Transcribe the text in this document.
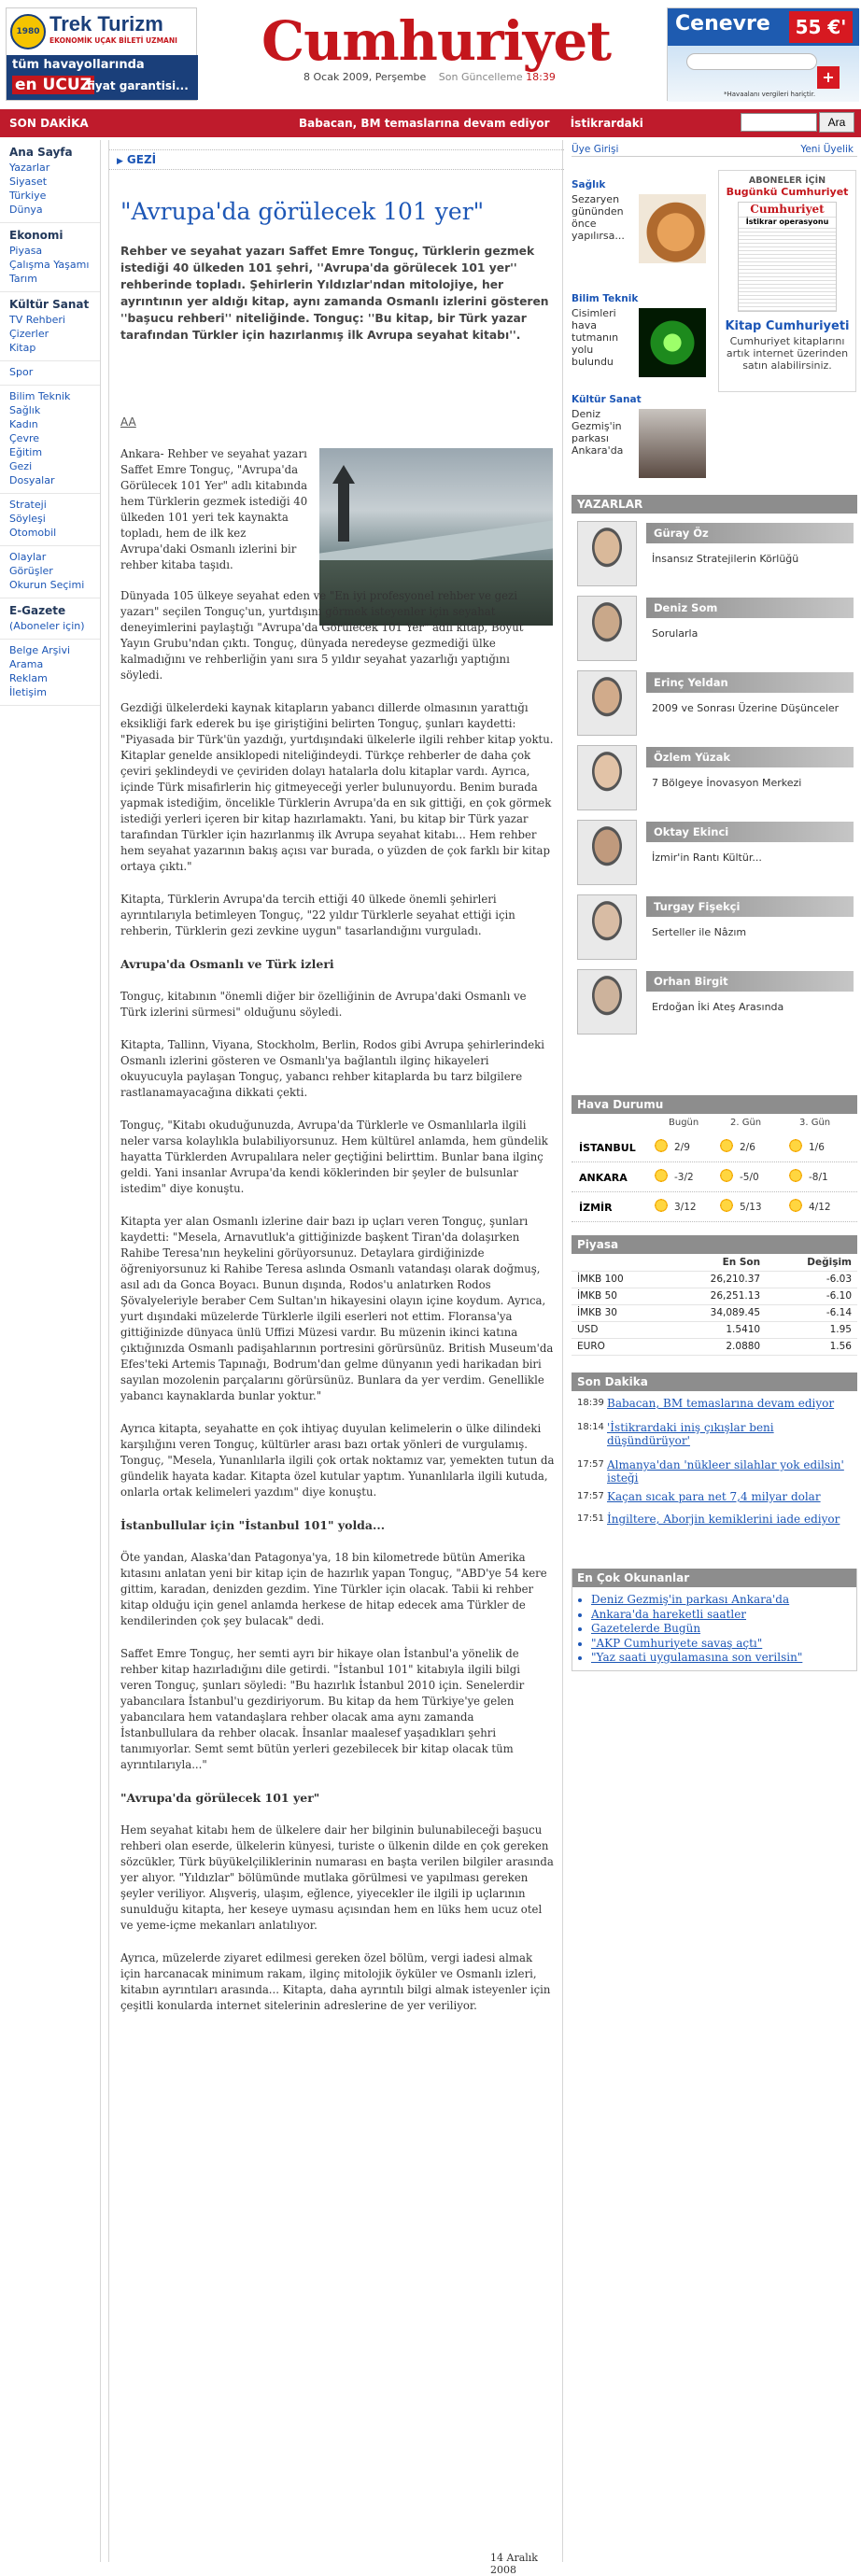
1980 Trek Turizm
EKONOMİK UÇAK BİLETİ UZMANI
tüm havayollarında
en UCUZ
fiyat garantisi...
Cumhuriyet
8 Ocak 2009, Perşembe Son Güncelleme 18:39
Cenevre	55 €'
+
*Havaalanı vergileri hariçtir.
SON DAKİKA	Babacan, BM temaslarına devam ediyor İstikrardaki	Ara
Ana Sayfa
Yazarlar
Siyaset
Türkiye
Dünya
Ekonomi
Piyasa
Çalışma Yaşamı
Tarım
Kültür Sanat
TV Rehberi
Çizerler
Kitap
Spor
Bilim Teknik
Sağlık
Kadın
Çevre
Eğitim
Gezi
Dosyalar
Strateji
Söyleşi
Otomobil
Olaylar Görüşler
Okurun Seçimi
E-Gazete
(Aboneler için)
Belge Arşivi
Arama
Reklam
İletişim
▶ GEZİ
"Avrupa'da görülecek 101 yer"
Rehber ve seyahat yazarı Saffet Emre Tonguç, Türklerin gezmek istediği 40 ülkeden 101 şehri, ''Avrupa'da görülecek 101 yer'' rehberinde topladı. Şehirlerin Yıldızlar'ndan mitolojiye, her ayrıntının yer aldığı kitap, aynı zamanda Osmanlı izlerini gösteren ''başucu rehberi'' niteliğinde. Tonguç: ''Bu kitap, bir Türk yazar tarafından Türkler için hazırlanmış ilk Avrupa seyahat kitabı''.
AA

Ankara- Rehber ve seyahat yazarı Saffet Emre Tonguç, "Avrupa'da Görülecek 101 Yer" adlı kitabında hem Türklerin gezmek istediği 40 ülkeden 101 yeri tek kaynakta topladı, hem de ilk kez Avrupa'daki Osmanlı izlerini bir rehber kitaba taşıdı.

Dünyada 105 ülkeye seyahat eden ve "En iyi profesyonel rehber ve gezi yazarı" seçilen Tonguç'un, yurtdışını görmek isteyenler için seyahat deneyimlerini paylaştığı "Avrupa'da Görülecek 101 Yer" adlı kitap, Boyut Yayın Grubu'ndan çıktı. Tonguç, dünyada neredeyse gezmediği ülke kalmadığını ve rehberliğin yanı sıra 5 yıldır seyahat yazarlığı yaptığını söyledi.

Gezdiği ülkelerdeki kaynak kitapların yabancı dillerde olmasının yarattığı eksikliği fark ederek bu işe giriştiğini belirten Tonguç, şunları kaydetti: "Piyasada bir Türk'ün yazdığı, yurtdışındaki ülkelerle ilgili rehber kitap yoktu. Kitaplar genelde ansiklopedi niteliğindeydi. Türkçe rehberler de daha çok çeviri şeklindeydi ve çeviriden dolayı hatalarla dolu kitaplar vardı. Ayrıca, içinde Türk misafirlerin hiç gitmeyeceği yerler bulunuyordu. Benim burada yapmak istediğim, öncelikle Türklerin Avrupa'da en sık gittiği, en çok görmek istediği yerleri içeren bir kitap hazırlamaktı. Yani, bu kitap bir Türk yazar tarafından Türkler için hazırlanmış ilk Avrupa seyahat kitabı... Hem rehber hem seyahat yazarının bakış açısı var burada, o yüzden de çok farklı bir kitap ortaya çıktı."

Kitapta, Türklerin Avrupa'da tercih ettiği 40 ülkede önemli şehirleri ayrıntılarıyla betimleyen Tonguç, "22 yıldır Türklerle seyahat ettiği için rehberin, Türklerin gezi zevkine uygun" tasarlandığını vurguladı.

Avrupa'da Osmanlı ve Türk izleri

Tonguç, kitabının "önemli diğer bir özelliğinin de Avrupa'daki Osmanlı ve Türk izlerini sürmesi" olduğunu söyledi.

Kitapta, Tallinn, Viyana, Stockholm, Berlin, Rodos gibi Avrupa şehirlerindeki Osmanlı izlerini gösteren ve Osmanlı'ya bağlantılı ilginç hikayeleri okuyucuyla paylaşan Tonguç, yabancı rehber kitaplarda bu tarz bilgilere rastlanamayacağına dikkati çekti.

Tonguç, "Kitabı okuduğunuzda, Avrupa'da Türklerle ve Osmanlılarla ilgili neler varsa kolaylıkla bulabiliyorsunuz. Hem kültürel anlamda, hem gündelik hayatta Türklerden Avrupalılara neler geçtiğini belirttim. Bunlar bana ilginç geldi. Yani insanlar Avrupa'da kendi köklerinden bir şeyler de bulsunlar istedim" diye konuştu.

Kitapta yer alan Osmanlı izlerine dair bazı ip uçları veren Tonguç, şunları kaydetti: "Mesela, Arnavutluk'a gittiğinizde başkent Tiran'da dolaşırken Rahibe Teresa'nın heykelini görüyorsunuz. Detaylara girdiğinizde öğreniyorsunuz ki Rahibe Teresa aslında Osmanlı vatandaşı olarak doğmuş, asıl adı da Gonca Boyacı. Bunun dışında, Rodos'u anlatırken Rodos Şövalyeleriyle beraber Cem Sultan'ın hikayesini olayın içine koydum. Ayrıca, yurt dışındaki müzelerde Türklerle ilgili eserleri not ettim. Floransa'ya gittiğinizde dünyaca ünlü Uffizi Müzesi vardır. Bu müzenin ikinci katına çıktığınızda Osmanlı padişahlarının portresini görürsünüz. British Museum'da Efes'teki Artemis Tapınağı, Bodrum'dan gelme dünyanın yedi harikadan biri sayılan mozolenin parçalarını görürsünüz. Bunlara da yer verdim. Genellikle yabancı kaynaklarda bunlar yoktur."

Ayrıca kitapta, seyahatte en çok ihtiyaç duyulan kelimelerin o ülke dilindeki karşılığını veren Tonguç, kültürler arası bazı ortak yönleri de vurgulamış. Tonguç, "Mesela, Yunanlılarla ilgili çok ortak noktamız var, yemekten tutun da gündelik hayata kadar. Kitapta özel kutular yaptım. Yunanlılarla ilgili kutuda, onlarla ortak kelimeleri yazdım" diye konuştu.

İstanbullular için "İstanbul 101" yolda...

Öte yandan, Alaska'dan Patagonya'ya, 18 bin kilometrede bütün Amerika kıtasını anlatan yeni bir kitap için de hazırlık yapan Tonguç, "ABD'ye 54 kere gittim, karadan, denizden gezdim. Yine Türkler için olacak. Tabii ki rehber kitap olduğu için genel anlamda herkese de hitap edecek ama Türkler de kendilerinden çok şey bulacak" dedi.

Saffet Emre Tonguç, her semti ayrı bir hikaye olan İstanbul'a yönelik de rehber kitap hazırladığını dile getirdi. "İstanbul 101" kitabıyla ilgili bilgi veren Tonguç, şunları söyledi: "Bu hazırlık İstanbul 2010 için. Senelerdir yabancılara İstanbul'u gezdiriyorum. Bu kitap da hem Türkiye'ye gelen yabancılara hem vatandaşlara rehber olacak ama aynı zamanda İstanbullulara da rehber olacak. İnsanlar maalesef yaşadıkları şehri tanımıyorlar. Semt semt bütün yerleri gezebilecek bir kitap olacak tüm ayrıntılarıyla..."

"Avrupa'da görülecek 101 yer"

Hem seyahat kitabı hem de ülkelere dair her bilginin bulunabileceği başucu rehberi olan eserde, ülkelerin künyesi, turiste o ülkenin dilde en çok gereken sözcükler, Türk büyükelçiliklerinin numarası en başta verilen bilgiler arasında yer alıyor. "Yıldızlar" bölümünde mutlaka görülmesi ve yapılması gereken şeyler veriliyor. Alışveriş, ulaşım, eğlence, yiyecekler ile ilgili ip uçlarının sunulduğu kitapta, her keseye uymasu açısından hem en lüks hem ucuz otel ve yeme-içme mekanları anlatılıyor.

Ayrıca, müzelerde ziyaret edilmesi gereken özel bölüm, vergi iadesi almak için harcanacak minimum rakam, ilginç mitolojik öyküler ve Osmanlı izleri, kitabın ayrıntıları arasında... Kitapta, daha ayrıntılı bilgi almak isteyenler için çeşitli konularda internet sitelerinin adreslerine de yer veriliyor.

14 Aralık 2008
Üye Girişi	Yeni Üyelik
Sağlık
Sezaryen gününden önce yapılırsa...
Bilim Teknik
Cisimleri hava tutmanın yolu bulundu
Kültür Sanat
Deniz Gezmiş'in parkası Ankara'da
ABONELER İÇİN
Bugünkü Cumhuriyet
Cumhuriyet
İstikrar operasyonu
Kitap Cumhuriyeti
Cumhuriyet kitaplarını artık internet üzerinden satın alabilirsiniz.
YAZARLAR
Güray Öz
İnsansız Stratejilerin Körlüğü
Deniz Som
Sorularla
Erinç Yeldan
2009 ve Sonrası Üzerine Düşünceler
Özlem Yüzak
7 Bölgeye İnovasyon Merkezi
Oktay Ekinci
İzmir'in Rantı Kültür...
Turgay Fişekçi
Serteller ile Nâzım
Orhan Birgit
Erdoğan İki Ateş Arasında
Hava Durumu
Bugün	2. Gün	3. Gün
İSTANBUL	2/9	2/6	1/6
ANKARA	-3/2	-5/0	-8/1
İZMİR	3/12	5/13	4/12
Piyasa
	En Son	Değişim
İMKB 100	26,210.37	-6.03
İMKB 50	26,251.13	-6.10
İMKB 30	34,089.45	-6.14
USD	1.5410	1.95
EURO	2.0880	1.56
Son Dakika
18:39 Babacan, BM temaslarına devam ediyor
18:14 'İstikrardaki iniş çıkışlar beni düşündürüyor'
17:57 Almanya'dan 'nükleer silahlar yok edilsin' isteği
17:57 Kaçan sıcak para net 7,4 milyar dolar
17:51 İngiltere, Aborjin kemiklerini iade ediyor
En Çok Okunanlar
• Deniz Gezmiş'in parkası Ankara'da
• Ankara'da hareketli saatler
• Gazetelerde Bugün
• "AKP Cumhuriyete savaş açtı"
• "Yaz saati uygulamasına son verilsin"
